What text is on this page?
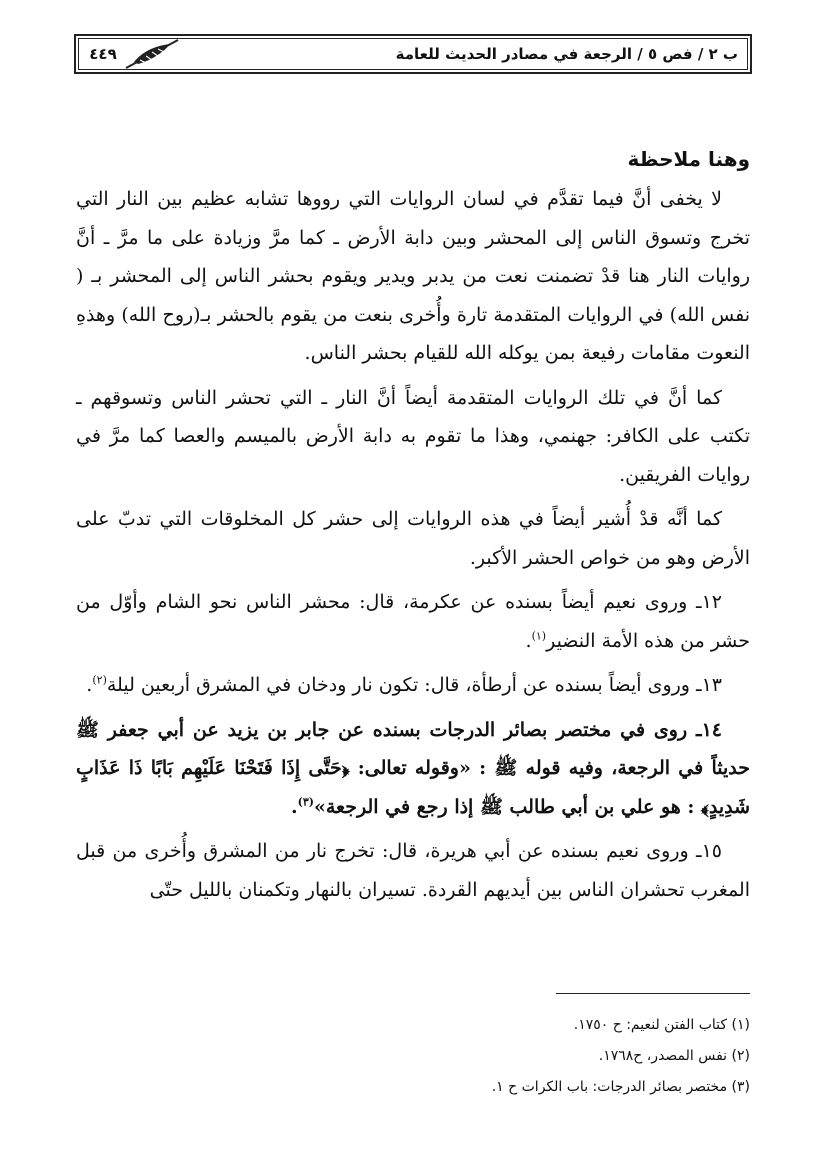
ب ٢ / فص ٥ / الرجعة في مصادر الحديث للعامة
٤٤٩
وهنا ملاحظة

لا يخفى أنَّ فيما تقدَّم في لسان الروايات التي رووها تشابه عظيم بين النار التي تخرج وتسوق الناس إلى المحشر وبين دابة الأرض ـ كما مرَّ وزيادة على ما مرَّ ـ أنَّ روايات النار هنا قدْ تضمنت نعت من يدبر ويدير ويقوم بحشر الناس إلى المحشر بـ ( نفس الله) في الروايات المتقدمة تارة وأُخرى بنعت من يقوم بالحشر بـ(روح الله) وهذهِ النعوت مقامات رفيعة بمن يوكله الله للقيام بحشر الناس.

كما أنَّ في تلك الروايات المتقدمة أيضاً أنَّ النار ـ التي تحشر الناس وتسوقهم ـ تكتب على الكافر: جهنمي، وهذا ما تقوم به دابة الأرض بالميسم والعصا كما مرَّ في روايات الفريقين.

كما أنَّه قدْ أُشير أيضاً في هذه الروايات إلى حشر كل المخلوقات التي تدبّ على الأرض وهو من خواص الحشر الأكبر.

١٢ـ وروى نعيم أيضاً بسنده عن عكرمة، قال: محشر الناس نحو الشام وأوّل من حشر من هذه الأمة النضير$^{(١)}$.

١٣ـ وروى أيضاً بسنده عن أرطأة، قال: تكون نار ودخان في المشرق أربعين ليلة$^{(٢)}$.

١٤ـ روى في مختصر بصائر الدرجات بسنده عن جابر بن يزيد عن أبي جعفر ﷺ حديثاً في الرجعة، وفيه قوله ﷺ : «وقوله تعالى: ﴿حَتَّى إِذَا فَتَحْنَا عَلَيْهِم بَابًا ذَا عَذَابٍ شَدِيدٍ﴾ : هو علي بن أبي طالب ﷺ إذا رجع في الرجعة»$^{(٣)}$.

١٥ـ وروى نعيم بسنده عن أبي هريرة، قال: تخرج نار من المشرق وأُخرى من قبل المغرب تحشران الناس بين أيديهم القردة. تسيران بالنهار وتكمنان بالليل حتّى

(١) كتاب الفتن لنعيم: ح ١٧٥٠.

(٢) نفس المصدر، ح١٧٦٨.

(٣) مختصر بصائر الدرجات: باب الكرات ح ١.
